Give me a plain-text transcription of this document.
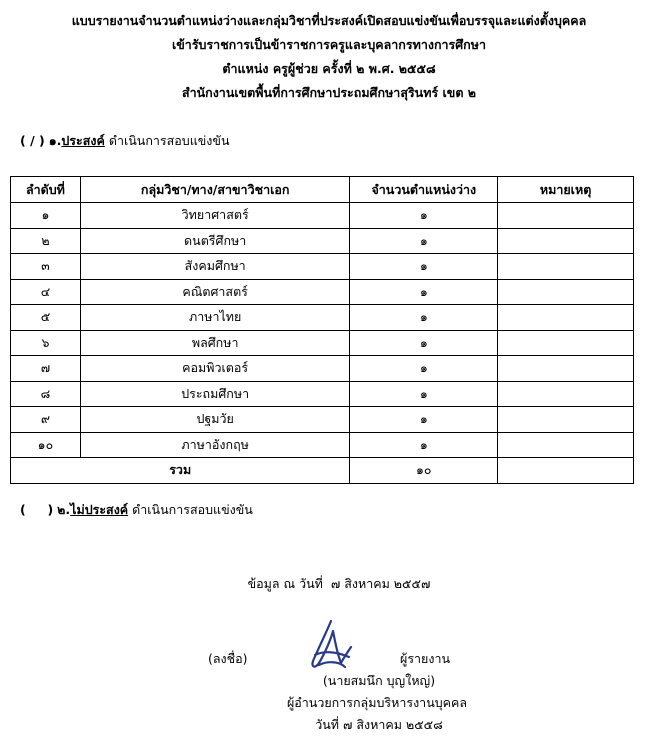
แบบรายงานจำนวนตำแหน่งว่างและกลุ่มวิชาที่ประสงค์เปิดสอบแข่งขันเพื่อบรรจุและแต่งตั้งบุคคล
เข้ารับราชการเป็นข้าราชการครูและบุคลากรทางการศึกษา
ตำแหน่ง ครูผู้ช่วย ครั้งที่ ๒ พ.ศ. ๒๕๕๘
สำนักงานเขตพื้นที่การศึกษาประถมศึกษาสุรินทร์ เขต ๒
( / ) ๑.ประสงค์ ดำเนินการสอบแข่งขัน
ลำดับที่	กลุ่มวิชา/ทาง/สาขาวิชาเอก	จำนวนตำแหน่งว่าง	หมายเหตุ
๑	วิทยาศาสตร์	๑	
๒	ดนตรีศึกษา	๑	
๓	สังคมศึกษา	๑	
๔	คณิตศาสตร์	๑	
๕	ภาษาไทย	๑	
๖	พลศึกษา	๑	
๗	คอมพิวเตอร์	๑	
๘	ประถมศึกษา	๑	
๙	ปฐมวัย	๑	
๑๐	ภาษาอังกฤษ	๑	
รวม		๑๐	
(     ) ๒.ไม่ประสงค์ ดำเนินการสอบแข่งขัน
ข้อมูล ณ วันที่  ๗ สิงหาคม ๒๕๕๗
(ลงชื่อ)	ผู้รายงาน
(นายสมนึก บุญใหญ่)
ผู้อำนวยการกลุ่มบริหารงานบุคคล
วันที่ ๗ สิงหาคม ๒๕๕๘
